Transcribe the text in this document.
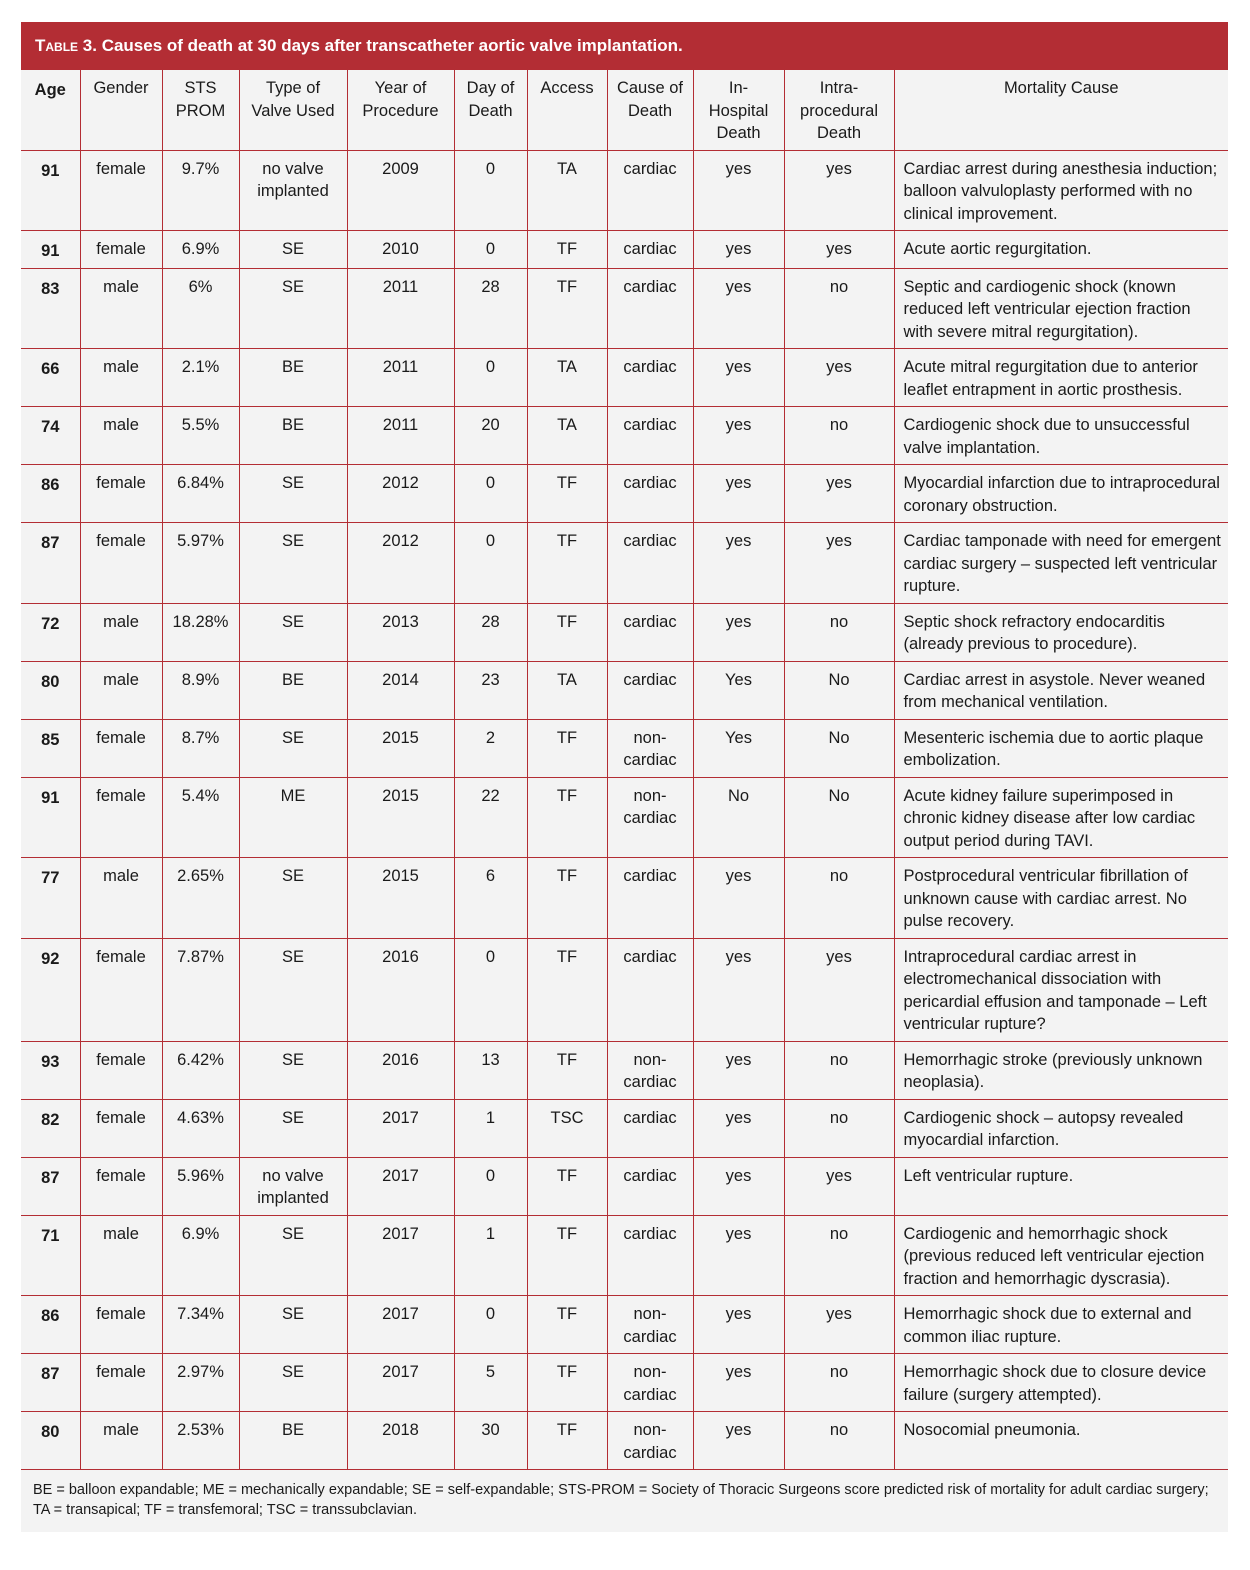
Table 3. Causes of death at 30 days after transcatheter aortic valve implantation.
Age	Gender	STS PROM	Type of Valve Used	Year of Procedure	Day of Death	Access	Cause of Death	In-Hospital Death	Intra-procedural Death	Mortality Cause
91	female	9.7%	no valve implanted	2009	0	TA	cardiac	yes	yes	Cardiac arrest during anesthesia induction; balloon valvuloplasty performed with no clinical improvement.
91	female	6.9%	SE	2010	0	TF	cardiac	yes	yes	Acute aortic regurgitation.
83	male	6%	SE	2011	28	TF	cardiac	yes	no	Septic and cardiogenic shock (known reduced left ventricular ejection fraction with severe mitral regurgitation).
66	male	2.1%	BE	2011	0	TA	cardiac	yes	yes	Acute mitral regurgitation due to anterior leaflet entrapment in aortic prosthesis.
74	male	5.5%	BE	2011	20	TA	cardiac	yes	no	Cardiogenic shock due to unsuccessful valve implantation.
86	female	6.84%	SE	2012	0	TF	cardiac	yes	yes	Myocardial infarction due to intraprocedural coronary obstruction.
87	female	5.97%	SE	2012	0	TF	cardiac	yes	yes	Cardiac tamponade with need for emergent cardiac surgery – suspected left ventricular rupture.
72	male	18.28%	SE	2013	28	TF	cardiac	yes	no	Septic shock refractory endocarditis (already previous to procedure).
80	male	8.9%	BE	2014	23	TA	cardiac	Yes	No	Cardiac arrest in asystole. Never weaned from mechanical ventilation.
85	female	8.7%	SE	2015	2	TF	non-cardiac	Yes	No	Mesenteric ischemia due to aortic plaque embolization.
91	female	5.4%	ME	2015	22	TF	non-cardiac	No	No	Acute kidney failure superimposed in chronic kidney disease after low cardiac output period during TAVI.
77	male	2.65%	SE	2015	6	TF	cardiac	yes	no	Postprocedural ventricular fibrillation of unknown cause with cardiac arrest. No pulse recovery.
92	female	7.87%	SE	2016	0	TF	cardiac	yes	yes	Intraprocedural cardiac arrest in electromechanical dissociation with pericardial effusion and tamponade – Left ventricular rupture?
93	female	6.42%	SE	2016	13	TF	non-cardiac	yes	no	Hemorrhagic stroke (previously unknown neoplasia).
82	female	4.63%	SE	2017	1	TSC	cardiac	yes	no	Cardiogenic shock – autopsy revealed myocardial infarction.
87	female	5.96%	no valve implanted	2017	0	TF	cardiac	yes	yes	Left ventricular rupture.
71	male	6.9%	SE	2017	1	TF	cardiac	yes	no	Cardiogenic and hemorrhagic shock (previous reduced left ventricular ejection fraction and hemorrhagic dyscrasia).
86	female	7.34%	SE	2017	0	TF	non-cardiac	yes	yes	Hemorrhagic shock due to external and common iliac rupture.
87	female	2.97%	SE	2017	5	TF	non-cardiac	yes	no	Hemorrhagic shock due to closure device failure (surgery attempted).
80	male	2.53%	BE	2018	30	TF	non-cardiac	yes	no	Nosocomial pneumonia.
BE = balloon expandable; ME = mechanically expandable; SE = self-expandable; STS-PROM = Society of Thoracic Surgeons score predicted risk of mortality for adult cardiac surgery; TA = transapical; TF = transfemoral; TSC = transsubclavian.
